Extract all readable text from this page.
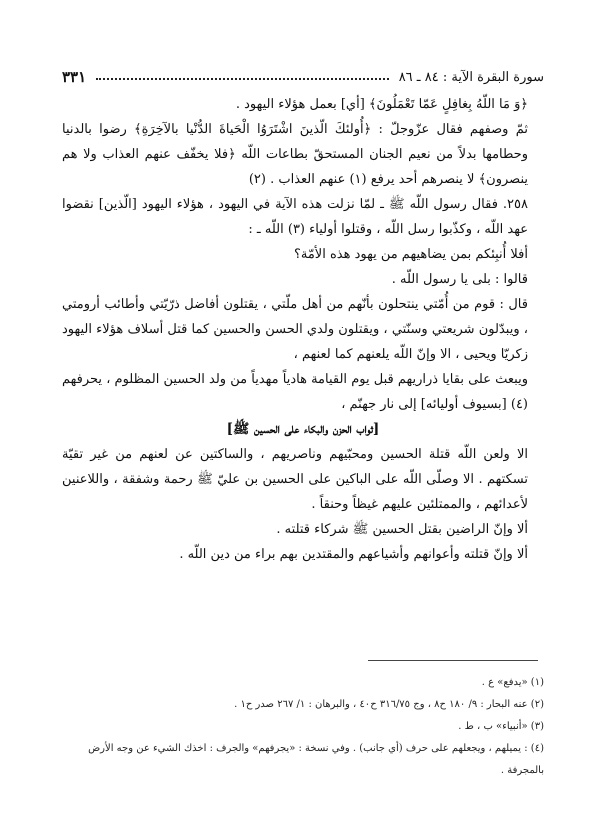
سورة البقرة الآية : ٨٤ ـ ٨٦
٣٣١

﴿وَ مَا اللّهُ بِغافِلٍ عَمّا تَعْمَلُونَ﴾ [أي] بعمل هؤلاء اليهود .

ثمّ وصفهم فقال عزّوجلّ : ﴿أُولئكَ الّذينَ اشْتَرَوُا الْحَياةَ الدُّنْيا بالآخِرَةِ﴾ رضوا بالدنيا وحطامها بدلاً من نعيم الجنان المستحقّ بطاعات اللّه ﴿فلا يخفّف عنهم العذاب ولا هم ينصرون﴾ لا ينصرهم أحد يرفع (١) عنهم العذاب . (٢)

٢٥٨. فقال رسول اللّه ﷺ ـ لمّا نزلت هذه الآية في اليهود ، هؤلاء اليهود [الّذين] نقضوا عهد اللّه ، وكذّبوا رسل اللّه ، وقتلوا أولياء (٣) اللّه ـ :

أفلا أُنبِئكم بمن يضاهيهم من يهود هذه الأمّة؟

قالوا : بلى يا رسول اللّه .

قال : قوم من أُمّتي ينتحلون بأنّهم من أهل ملّتي ، يقتلون أفاضل ذرّيّتي وأطائب أرومتي ، ويبدّلون شريعتي وسنّتي ، ويقتلون ولدي الحسن والحسين كما قتل أسلاف هؤلاء اليهود زكريّا ويحيى ، الا وإنّ اللّه يلعنهم كما لعنهم ،

ويبعث على بقايا ذراريهم قبل يوم القيامة هادياً مهدياً من ولد الحسين المظلوم ، يحرفهم (٤) [بسيوف أوليائه] إلى نار جهنّم ،

[ثواب الحزن والبكاء على الحسين ﷺ]

الا ولعن اللّه قتلة الحسين ومحبّيهم وناصريهم ، والساكتين عن لعنهم من غير تقيّة تسكتهم . الا وصلّى اللّه على الباكين على الحسين بن عليّ ﷺ رحمة وشفقة ، واللاعنين لأعدائهم ، والممتلئين عليهم غيظاً وحنقاً .

ألا وإنّ الراضين بقتل الحسين ﷺ شركاء قتلته .

ألا وإنّ قتلته وأعوانهم وأشياعهم والمقتدين بهم براء من دين اللّه .

(١) «يدفع» ع .

(٢) عنه البحار : ٩/ ١٨٠ ح٨ ، وج ٣١٦/٧٥ ح٤٠ ، والبرهان : ١/ ٢٦٧ صدر ح١ .

(٣) «أنبياء» ب ، ط .

(٤) : يميلهم ، ويجعلهم على حرف (أي جانب) . وفي نسخة : «يجرفهم» والجرف : اخذك الشيء عن وجه الأرض بالمجرفة .
